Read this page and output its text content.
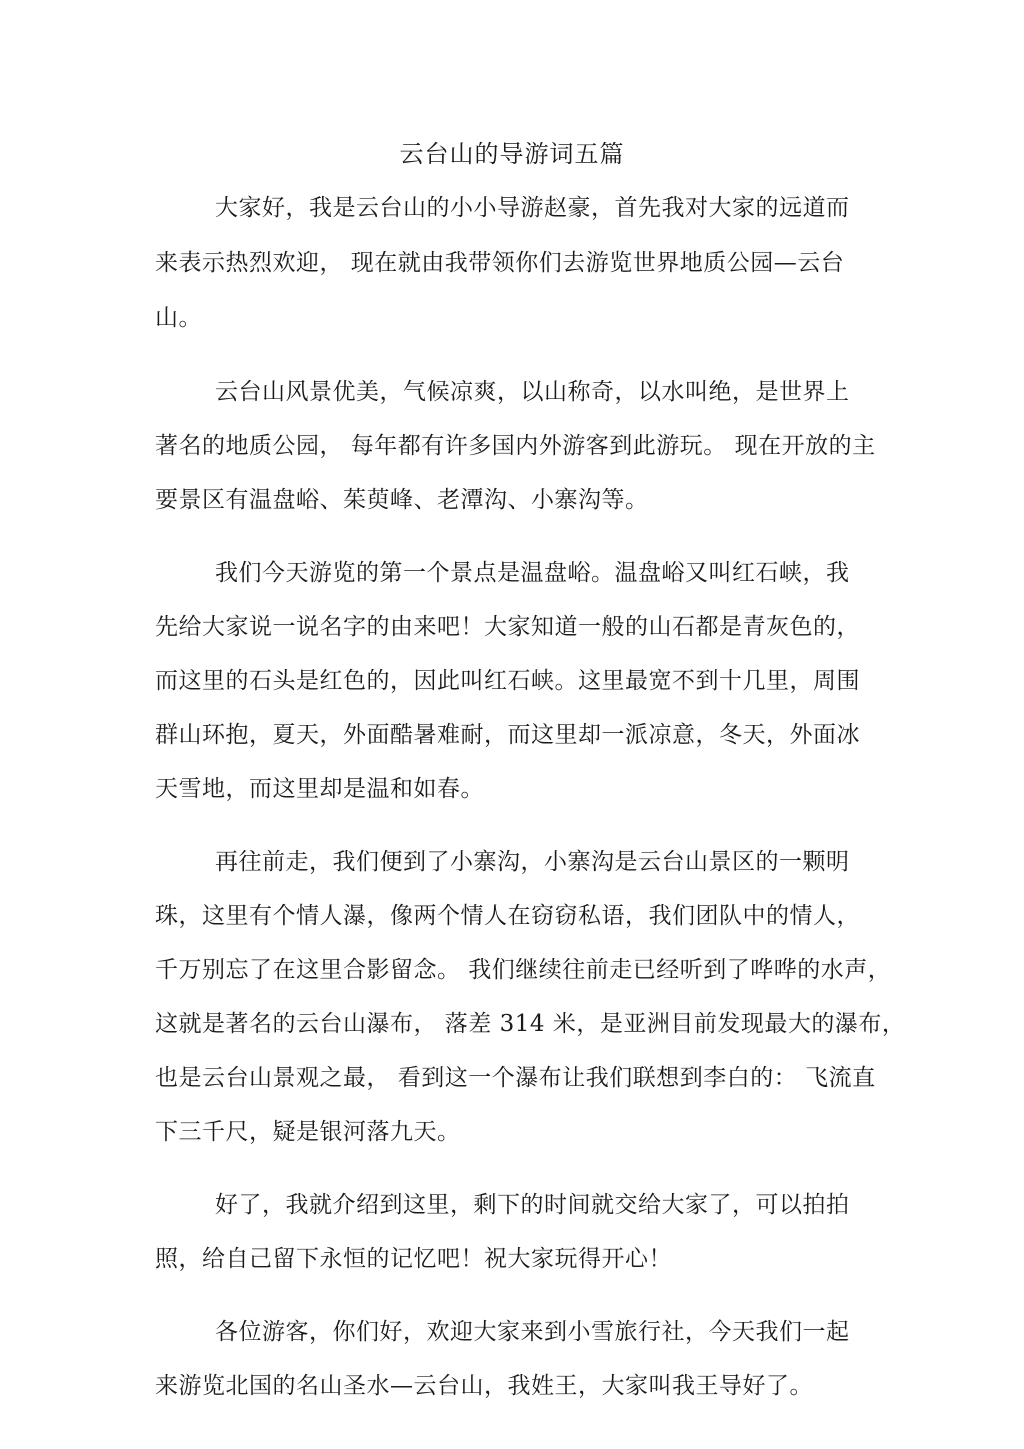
云台山的导游词五篇
大家好，我是云台山的小小导游赵豪，首先我对大家的远道而
来表示热烈欢迎， 现在就由我带领你们去游览世界地质公园—云台
山。
云台山风景优美，气候凉爽，以山称奇，以水叫绝，是世界上
著名的地质公园， 每年都有许多国内外游客到此游玩。 现在开放的主
要景区有温盘峪、茱萸峰、老潭沟、小寨沟等。
我们今天游览的第一个景点是温盘峪。温盘峪又叫红石峡，我
先给大家说一说名字的由来吧！大家知道一般的山石都是青灰色的，
而这里的石头是红色的，因此叫红石峡。这里最宽不到十几里，周围
群山环抱，夏天，外面酷暑难耐，而这里却一派凉意，冬天，外面冰
天雪地，而这里却是温和如春。
再往前走，我们便到了小寨沟，小寨沟是云台山景区的一颗明
珠，这里有个情人瀑，像两个情人在窃窃私语，我们团队中的情人，
千万别忘了在这里合影留念。 我们继续往前走已经听到了哗哗的水声，
这就是著名的云台山瀑布， 落差 314 米，是亚洲目前发现最大的瀑布，
也是云台山景观之最， 看到这一个瀑布让我们联想到李白的： 飞流直
下三千尺，疑是银河落九天。
好了，我就介绍到这里，剩下的时间就交给大家了，可以拍拍
照，给自己留下永恒的记忆吧！祝大家玩得开心！
各位游客，你们好，欢迎大家来到小雪旅行社，今天我们一起
来游览北国的名山圣水—云台山，我姓王，大家叫我王导好了。
